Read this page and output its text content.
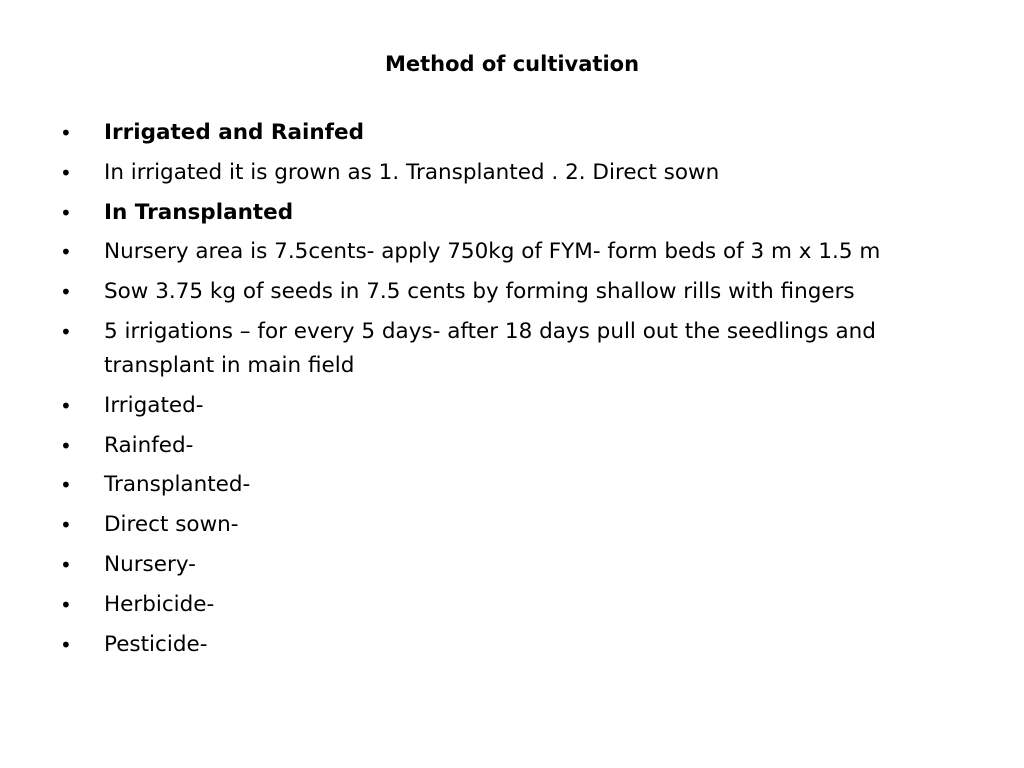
Method of cultivation
•	Irrigated and Rainfed
•	In irrigated it is grown as 1. Transplanted . 2. Direct sown
•	In Transplanted
•	Nursery area is 7.5cents- apply 750kg of FYM- form beds of 3 m x 1.5 m
•	Sow 3.75 kg of seeds in 7.5 cents by forming shallow rills with fingers
•	5 irrigations – for every 5 days- after 18 days pull out the seedlings and transplant in main field
•	Irrigated-
•	Rainfed-
•	Transplanted-
•	Direct sown-
•	Nursery-
•	Herbicide-
•	Pesticide-
